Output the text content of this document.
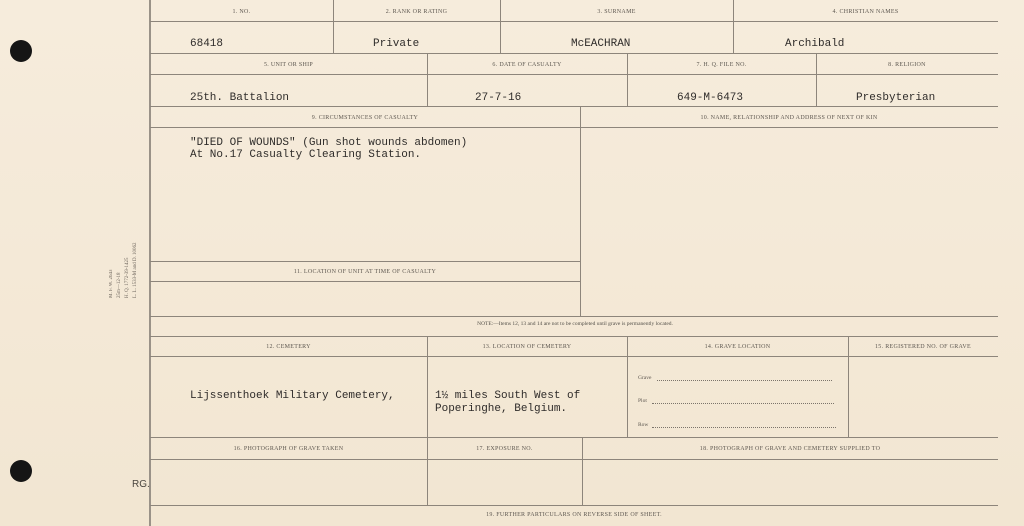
M. F. W. 2643 25m—12-18 H. Q. 1772-39-1425 L. L. 1533-M and D. 10062
RG.
1. NO.	2. RANK OR RATING	3. SURNAME	4. CHRISTIAN NAMES
68418	Private	McEACHRAN	Archibald
5. UNIT OR SHIP	6. DATE OF CASUALTY	7. H. Q. FILE NO.	8. RELIGION
25th. Battalion	27-7-16	649-M-6473	Presbyterian
9. CIRCUMSTANCES OF CASUALTY	10. NAME, RELATIONSHIP AND ADDRESS OF NEXT OF KIN
"DIED OF WOUNDS" (Gun shot wounds abdomen)
At No.17 Casualty Clearing Station.
11. LOCATION OF UNIT AT TIME OF CASUALTY
NOTE:—Items 12, 13 and 14 are not to be completed until grave is permanently located.
12. CEMETERY	13. LOCATION OF CEMETERY	14. GRAVE LOCATION	15. REGISTERED NO. OF GRAVE
Lijssenthoek Military Cemetery,	1½ miles South West of
Poperinghe, Belgium.
Grave
Plot
Row
16. PHOTOGRAPH OF GRAVE TAKEN	17. EXPOSURE NO.	18. PHOTOGRAPH OF GRAVE AND CEMETERY SUPPLIED TO
19. FURTHER PARTICULARS ON REVERSE SIDE OF SHEET.
